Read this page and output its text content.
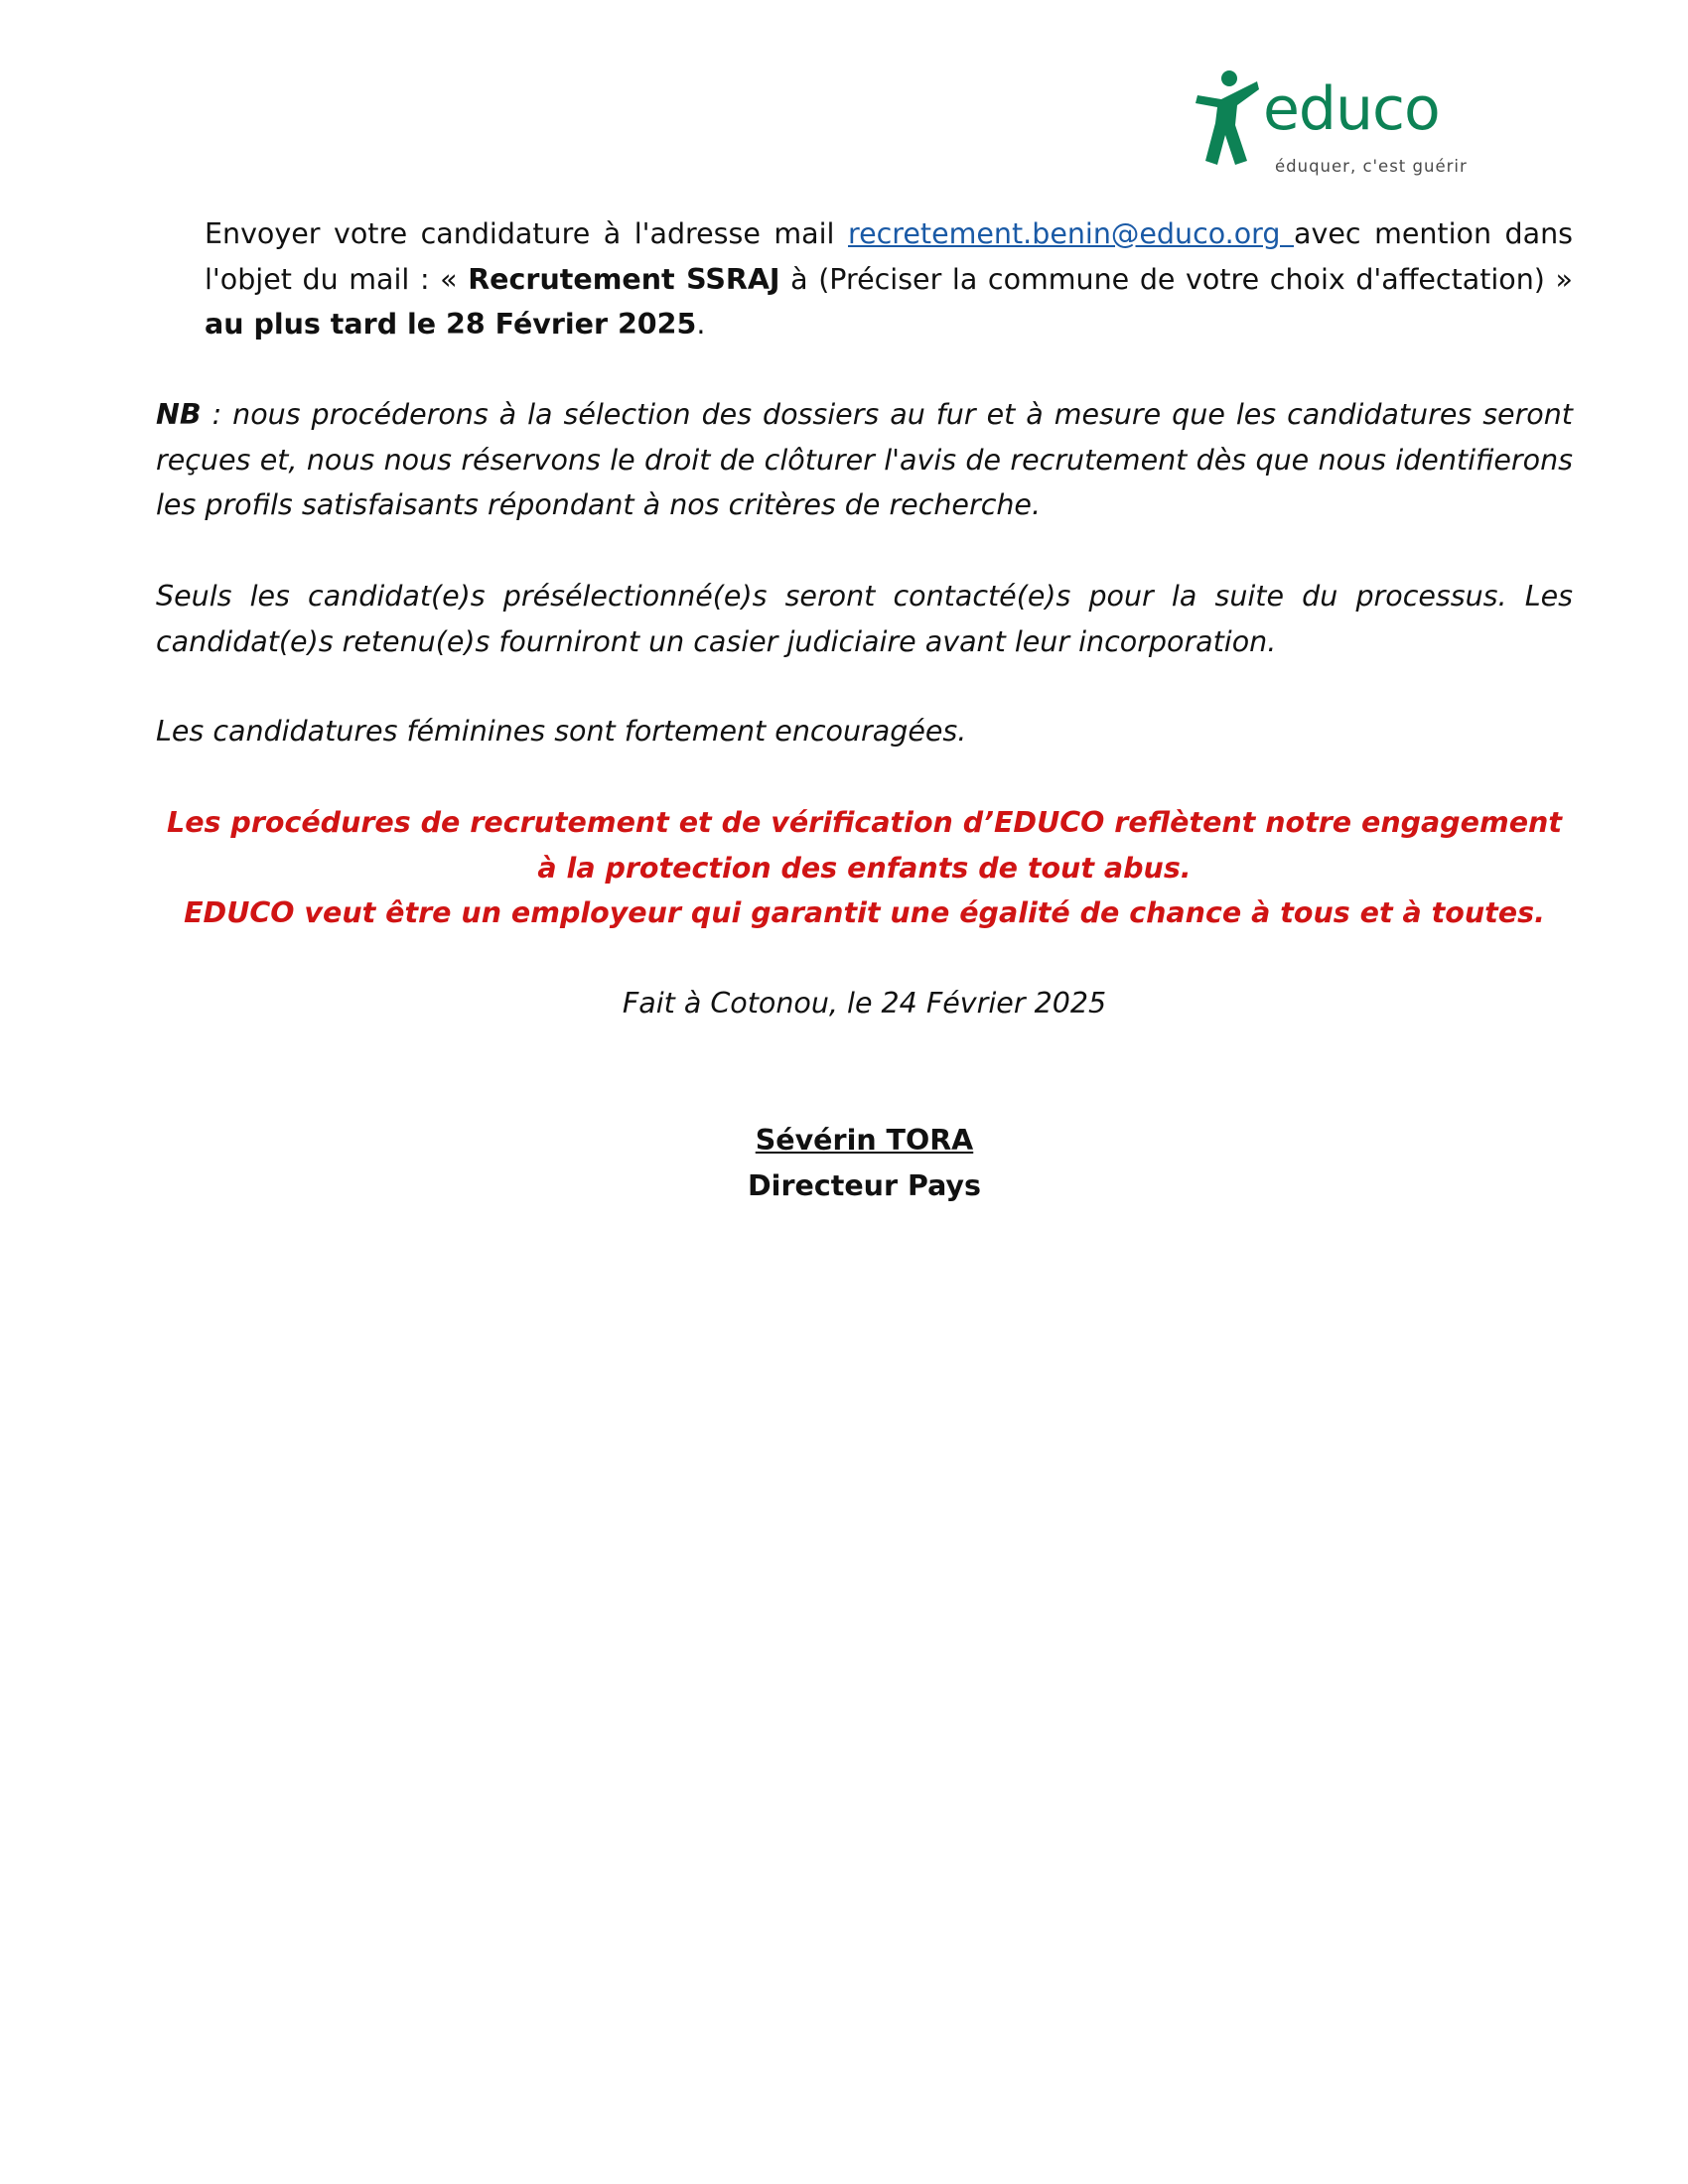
educo
éduquer, c'est guérir

Envoyer votre candidature à l'adresse mail recretement.benin@educo.org avec mention dans l'objet du mail : « Recrutement SSRAJ à (Préciser la commune de votre choix d'affectation) » au plus tard le 28 Février 2025.

NB : nous procéderons à la sélection des dossiers au fur et à mesure que les candidatures seront reçues et, nous nous réservons le droit de clôturer l'avis de recrutement dès que nous identifierons les profils satisfaisants répondant à nos critères de recherche.

Seuls les candidat(e)s présélectionné(e)s seront contacté(e)s pour la suite du processus. Les candidat(e)s retenu(e)s fourniront un casier judiciaire avant leur incorporation.

Les candidatures féminines sont fortement encouragées.

Les procédures de recrutement et de vérification d’EDUCO reflètent notre engagement à la protection des enfants de tout abus.
EDUCO veut être un employeur qui garantit une égalité de chance à tous et à toutes.
Fait à Cotonou, le 24 Février 2025
Sévérin TORA
Directeur Pays
